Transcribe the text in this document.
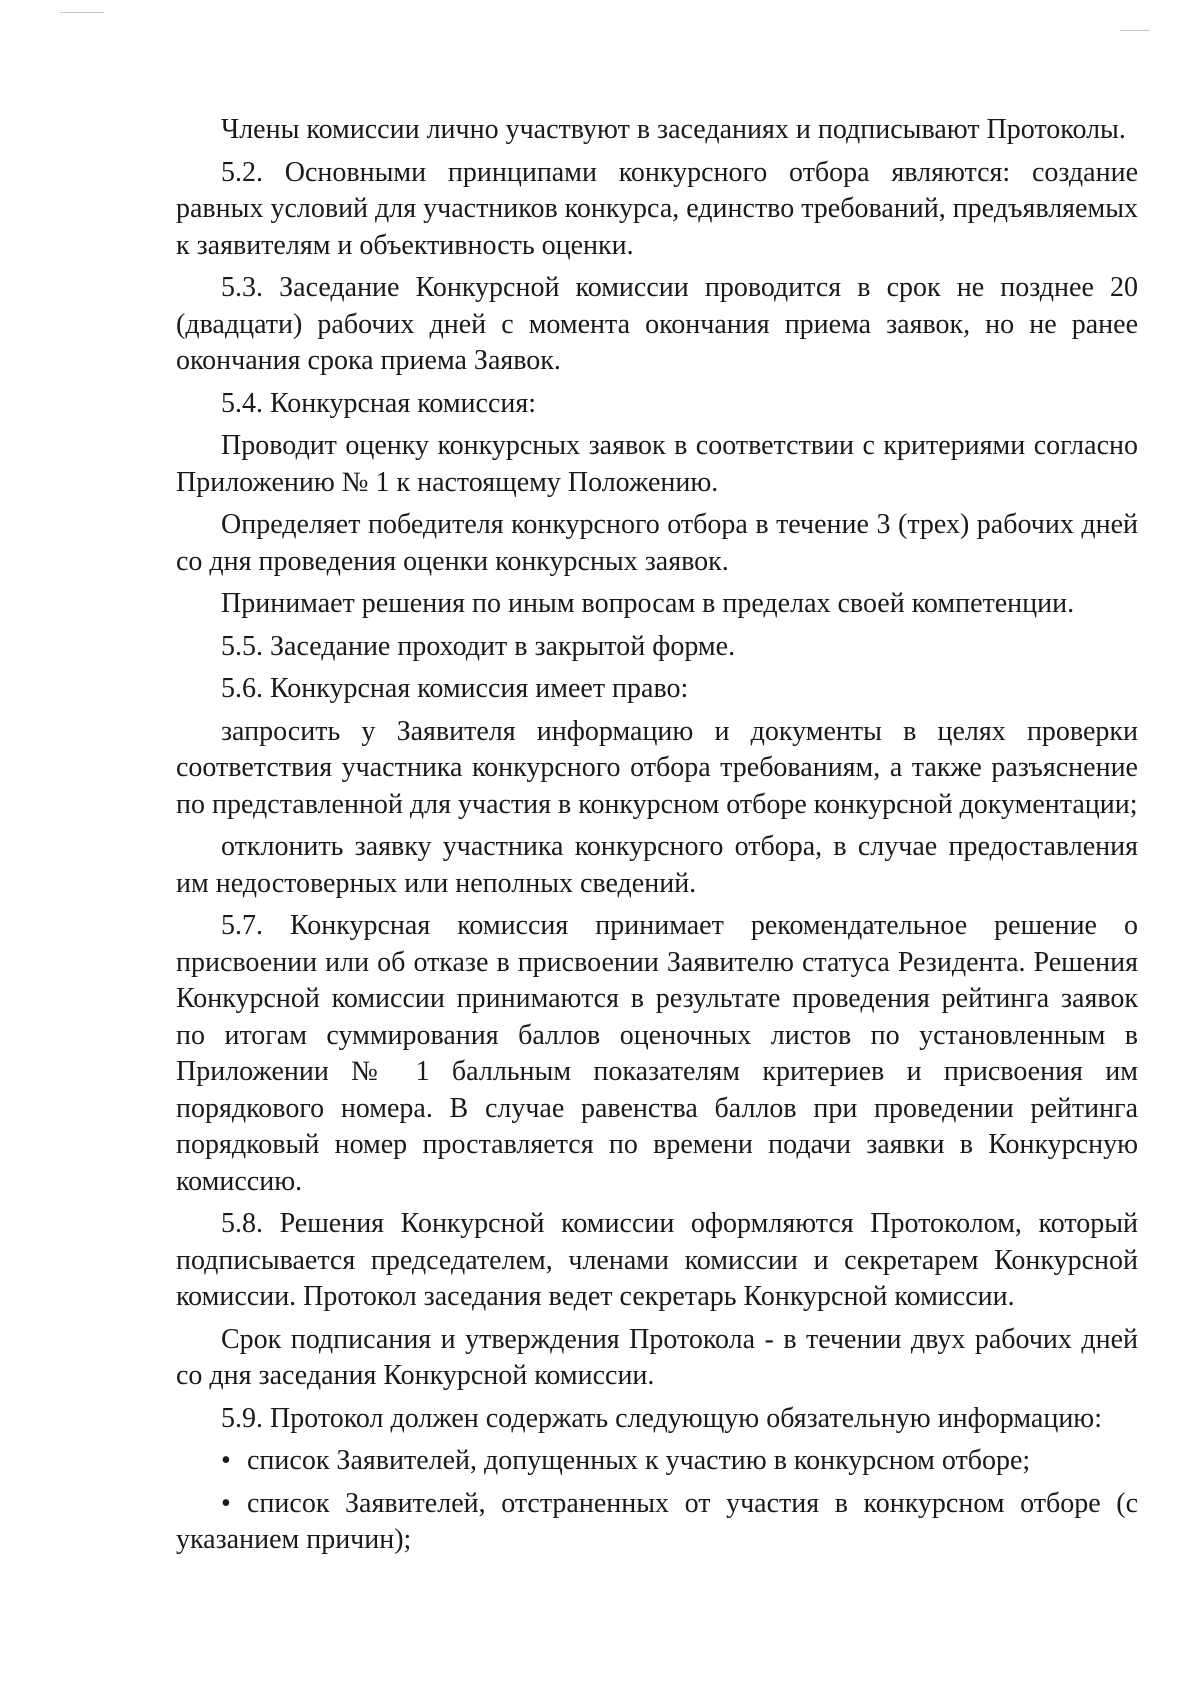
Члены комиссии лично участвуют в заседаниях и подписывают Протоколы.

5.2. Основными принципами конкурсного отбора являются: создание равных условий для участников конкурса, единство требований, предъявляемых к заявителям и объективность оценки.

5.3. Заседание Конкурсной комиссии проводится в срок не позднее 20 (двадцати) рабочих дней с момента окончания приема заявок, но не ранее окончания срока приема Заявок.

5.4. Конкурсная комиссия:

Проводит оценку конкурсных заявок в соответствии с критериями согласно Приложению № 1 к настоящему Положению.

Определяет победителя конкурсного отбора в течение 3 (трех) рабочих дней со дня проведения оценки конкурсных заявок.

Принимает решения по иным вопросам в пределах своей компетенции.

5.5. Заседание проходит в закрытой форме.

5.6. Конкурсная комиссия имеет право:

запросить у Заявителя информацию и документы в целях проверки соответствия участника конкурсного отбора требованиям, а также разъяснение по представленной для участия в конкурсном отборе конкурсной документации;

отклонить заявку участника конкурсного отбора, в случае предоставления им недостоверных или неполных сведений.

5.7. Конкурсная комиссия принимает рекомендательное решение о присвоении или об отказе в присвоении Заявителю статуса Резидента. Решения Конкурсной комиссии принимаются в результате проведения рейтинга заявок по итогам суммирования баллов оценочных листов по установленным в Приложении № 1 балльным показателям критериев и присвоения им порядкового номера. В случае равенства баллов при проведении рейтинга порядковый номер проставляется по времени подачи заявки в Конкурсную комиссию.

5.8. Решения Конкурсной комиссии оформляются Протоколом, который подписывается председателем, членами комиссии и секретарем Конкурсной комиссии. Протокол заседания ведет секретарь Конкурсной комиссии.

Срок подписания и утверждения Протокола - в течении двух рабочих дней со дня заседания Конкурсной комиссии.

5.9. Протокол должен содержать следующую обязательную информацию:

• список Заявителей, допущенных к участию в конкурсном отборе;

• список Заявителей, отстраненных от участия в конкурсном отборе (с указанием причин);
